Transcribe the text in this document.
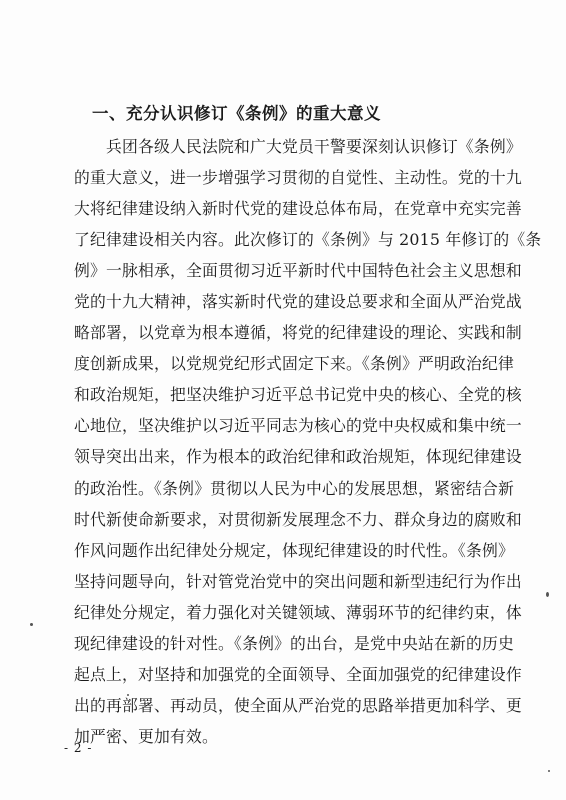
一、充分认识修订《条例》的重大意义
兵团各级人民法院和广大党员干警要深刻认识修订《条例》
的重大意义，进一步增强学习贯彻的自觉性、主动性。党的十九
大将纪律建设纳入新时代党的建设总体布局，在党章中充实完善
了纪律建设相关内容。此次修订的《条例》与 2015 年修订的《条
例》一脉相承，全面贯彻习近平新时代中国特色社会主义思想和
党的十九大精神，落实新时代党的建设总要求和全面从严治党战
略部署，以党章为根本遵循，将党的纪律建设的理论、实践和制
度创新成果，以党规党纪形式固定下来。《条例》严明政治纪律
和政治规矩，把坚决维护习近平总书记党中央的核心、全党的核
心地位，坚决维护以习近平同志为核心的党中央权威和集中统一
领导突出出来，作为根本的政治纪律和政治规矩，体现纪律建设
的政治性。《条例》贯彻以人民为中心的发展思想，紧密结合新
时代新使命新要求，对贯彻新发展理念不力、群众身边的腐败和
作风问题作出纪律处分规定，体现纪律建设的时代性。《条例》
坚持问题导向，针对管党治党中的突出问题和新型违纪行为作出
纪律处分规定，着力强化对关键领域、薄弱环节的纪律约束，体
现纪律建设的针对性。《条例》的出台，是党中央站在新的历史
起点上，对坚持和加强党的全面领导、全面加强党的纪律建设作
出的再部署、再动员，使全面从严治党的思路举措更加科学、更
加严密、更加有效。
- 2 -
